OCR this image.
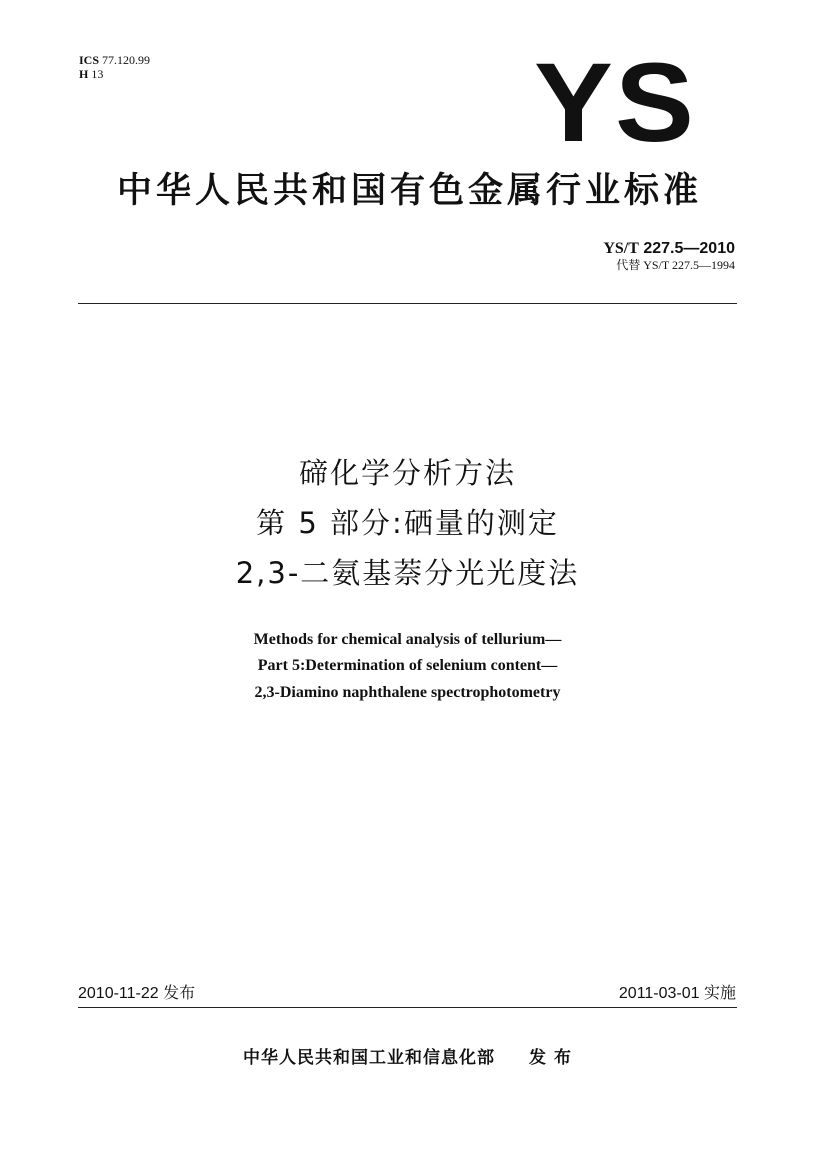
ICS 77.120.99
H 13	YS
中华人民共和国有色金属行业标准
YS/T 227.5—2010
代替 YS/T 227.5—1994
碲化学分析方法
第 5 部分:硒量的测定
2,3-二氨基萘分光光度法
Methods for chemical analysis of tellurium—
Part 5:Determination of selenium content—
2,3-Diamino naphthalene spectrophotometry
2010-11-22 发布	2011-03-01 实施
中华人民共和国工业和信息化部 发 布
